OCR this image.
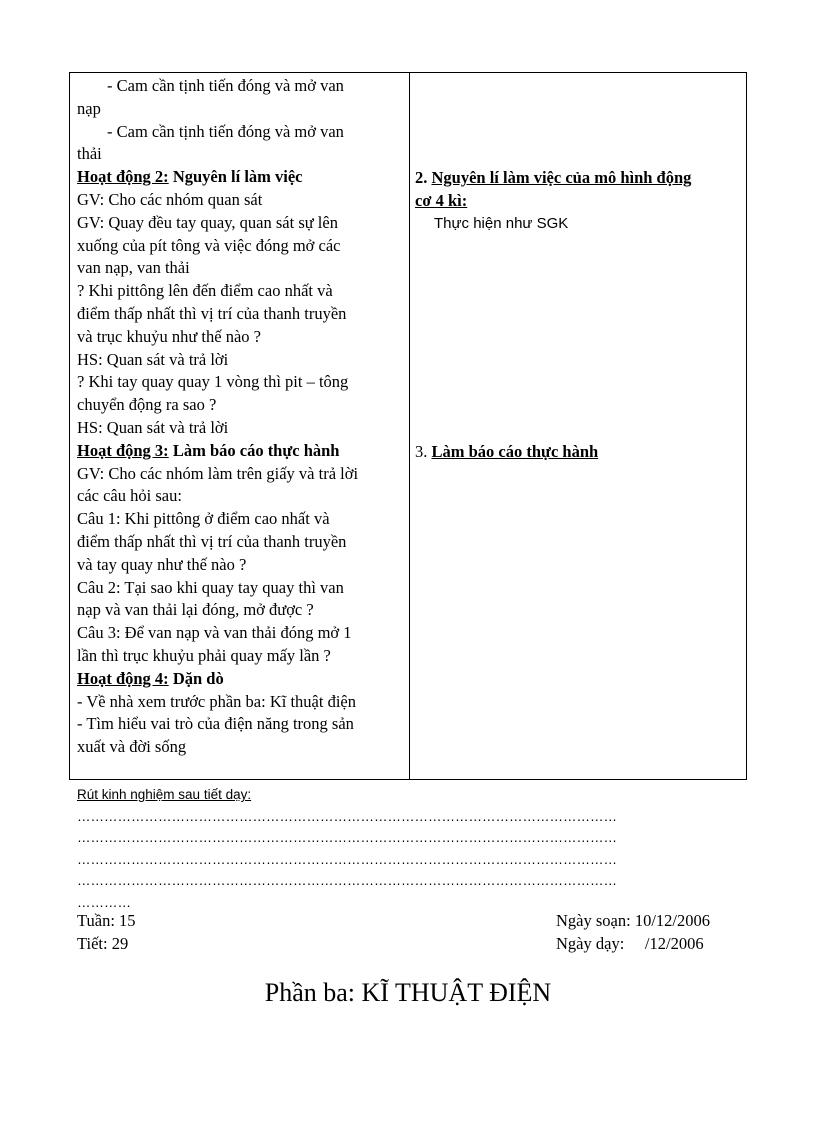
- Cam cần tịnh tiến đóng và mở van

nạp

- Cam cần tịnh tiến đóng và mở van

thải

Hoạt động 2: Nguyên lí làm việc

GV: Cho các nhóm quan sát

GV: Quay đều tay quay, quan sát sự lên

xuống của pít tông và việc đóng mở các

van nạp, van thải

? Khi pittông lên đến điểm cao nhất và

điểm thấp nhất thì vị trí của thanh truyền

và trục khuỷu như thế nào ?

HS: Quan sát và trả lời

? Khi tay quay quay 1 vòng thì pit – tông

chuyển động ra sao ?

HS: Quan sát và trả lời

Hoạt động 3: Làm báo cáo thực hành

GV: Cho các nhóm làm trên giấy và trả lời

các câu hỏi sau:

Câu 1: Khi pittông ở điểm cao nhất và

điểm thấp nhất thì vị trí của thanh truyền

và tay quay như thế nào ?

Câu 2: Tại sao khi quay tay quay thì van

nạp và van thải lại đóng, mở được ?

Câu 3: Để van nạp và van thải đóng mở 1

lần thì trục khuỷu phải quay mấy lần ?

Hoạt động 4: Dặn dò

- Về nhà xem trước phần ba: Kĩ thuật điện

- Tìm hiểu vai trò của điện năng trong sản

xuất và đời sống

2. Nguyên lí làm việc của mô hình động

cơ 4 kì:

Thực hiện như SGK

3. Làm báo cáo thực hành

Rút kinh nghiệm sau tiết dạy:

…………………………………………………………………………………………………………

…………………………………………………………………………………………………………

…………………………………………………………………………………………………………

…………………………………………………………………………………………………………

…………

Tuần: 15

Tiết: 29

Ngày soạn: 10/12/2006

Ngày dạy:     /12/2006

Phần ba: KĨ THUẬT ĐIỆN
